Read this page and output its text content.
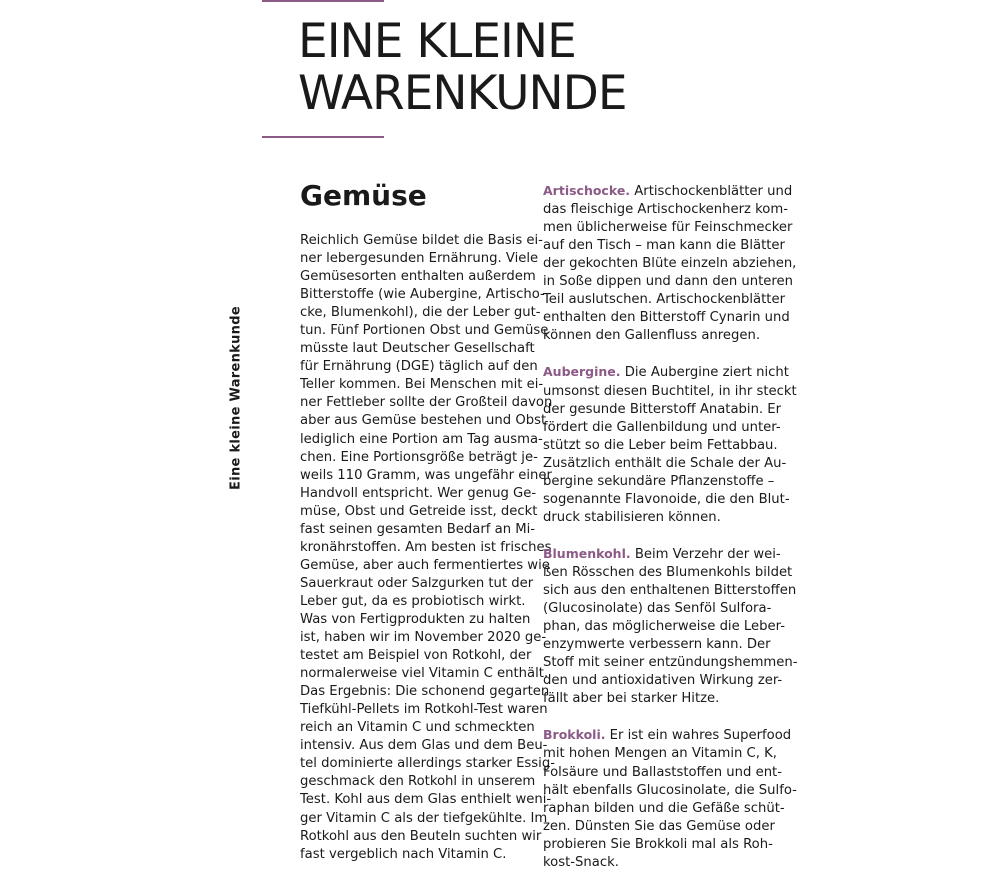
EINE KLEINE
WARENKUNDE
Eine kleine Warenkunde
Gemüse
Reichlich Gemüse bildet die Basis ei-
ner lebergesunden Ernährung. Viele
Gemüsesorten enthalten außerdem
Bitterstoffe (wie Aubergine, Artischo-
cke, Blumenkohl), die der Leber gut-
tun. Fünf Portionen Obst und Gemüse
müsste laut Deutscher Gesellschaft
für Ernährung (DGE) täglich auf den
Teller kommen. Bei Menschen mit ei-
ner Fettleber sollte der Großteil davon
aber aus Gemüse bestehen und Obst
lediglich eine Portion am Tag ausma-
chen. Eine Portionsgröße beträgt je-
weils 110 Gramm, was ungefähr einer
Handvoll entspricht. Wer genug Ge-
müse, Obst und Getreide isst, deckt
fast seinen gesamten Bedarf an Mi-
kronährstoffen. Am besten ist frisches
Gemüse, aber auch fermentiertes wie
Sauerkraut oder Salzgurken tut der
Leber gut, da es probiotisch wirkt.
Was von Fertigprodukten zu halten
ist, haben wir im November 2020 ge-
testet am Beispiel von Rotkohl, der
normalerweise viel Vitamin C enthält.
Das Ergebnis: Die schonend gegarten
Tiefkühl-Pellets im Rotkohl-Test waren
reich an Vitamin C und schmeckten
intensiv. Aus dem Glas und dem Beu-
tel dominierte allerdings starker Essig-
geschmack den Rotkohl in unserem
Test. Kohl aus dem Glas enthielt weni-
ger Vitamin C als der tiefgekühlte. Im
Rotkohl aus den Beuteln suchten wir
fast vergeblich nach Vitamin C.
Artischocke. Artischockenblätter und
das fleischige Artischockenherz kom-
men üblicherweise für Feinschmecker
auf den Tisch – man kann die Blätter
der gekochten Blüte einzeln abziehen,
in Soße dippen und dann den unteren
Teil auslutschen. Artischockenblätter
enthalten den Bitterstoff Cynarin und
können den Gallenfluss anregen.
Aubergine. Die Aubergine ziert nicht
umsonst diesen Buchtitel, in ihr steckt
der gesunde Bitterstoff Anatabin. Er
fördert die Gallenbildung und unter-
stützt so die Leber beim Fettabbau.
Zusätzlich enthält die Schale der Au-
bergine sekundäre Pflanzenstoffe –
sogenannte Flavonoide, die den Blut-
druck stabilisieren können.
Blumenkohl. Beim Verzehr der wei-
ßen Rösschen des Blumenkohls bildet
sich aus den enthaltenen Bitterstoffen
(Glucosinolate) das Senföl Sulfora-
phan, das möglicherweise die Leber-
enzymwerte verbessern kann. Der
Stoff mit seiner entzündungshemmen-
den und antioxidativen Wirkung zer-
fällt aber bei starker Hitze.
Brokkoli. Er ist ein wahres Superfood
mit hohen Mengen an Vitamin C, K,
Folsäure und Ballaststoffen und ent-
hält ebenfalls Glucosinolate, die Sulfo-
raphan bilden und die Gefäße schüt-
zen. Dünsten Sie das Gemüse oder
probieren Sie Brokkoli mal als Roh-
kost-Snack.
